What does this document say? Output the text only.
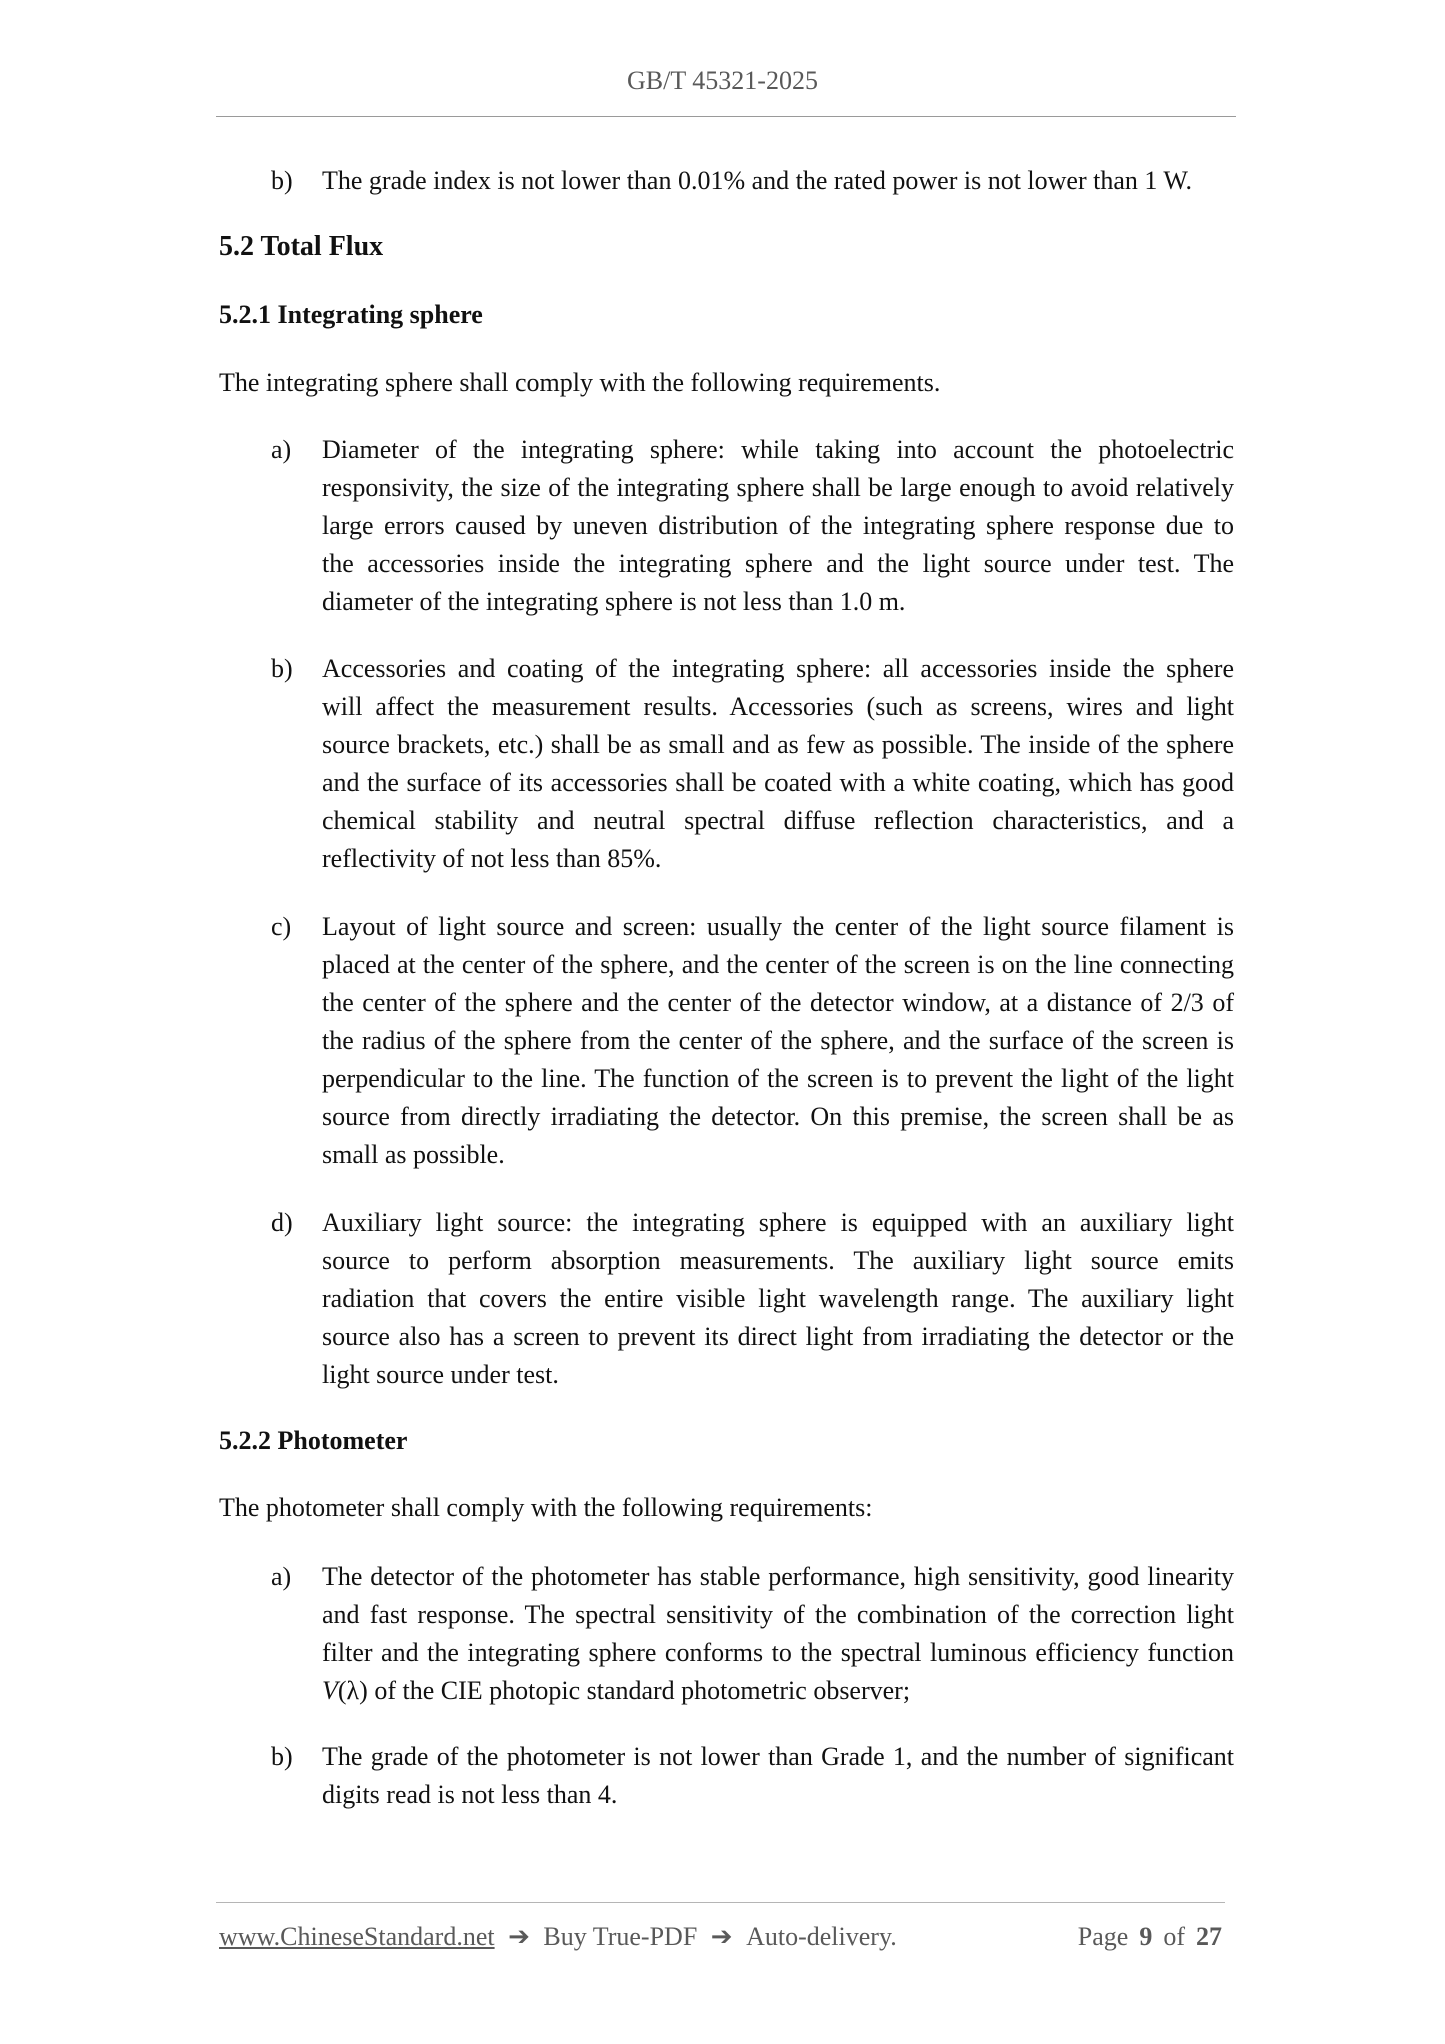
GB/T 45321-2025
b) The grade index is not lower than 0.01% and the rated power is not lower than 1 W.
5.2 Total Flux
5.2.1 Integrating sphere
The integrating sphere shall comply with the following requirements.
a) Diameter of the integrating sphere: while taking into account the photoelectric
responsivity, the size of the integrating sphere shall be large enough to avoid relatively
large errors caused by uneven distribution of the integrating sphere response due to
the accessories inside the integrating sphere and the light source under test. The
diameter of the integrating sphere is not less than 1.0 m.
b) Accessories and coating of the integrating sphere: all accessories inside the sphere
will affect the measurement results. Accessories (such as screens, wires and light
source brackets, etc.) shall be as small and as few as possible. The inside of the sphere
and the surface of its accessories shall be coated with a white coating, which has good
chemical stability and neutral spectral diffuse reflection characteristics, and a
reflectivity of not less than 85%.
c) Layout of light source and screen: usually the center of the light source filament is
placed at the center of the sphere, and the center of the screen is on the line connecting
the center of the sphere and the center of the detector window, at a distance of 2/3 of
the radius of the sphere from the center of the sphere, and the surface of the screen is
perpendicular to the line. The function of the screen is to prevent the light of the light
source from directly irradiating the detector. On this premise, the screen shall be as
small as possible.
d) Auxiliary light source: the integrating sphere is equipped with an auxiliary light
source to perform absorption measurements. The auxiliary light source emits
radiation that covers the entire visible light wavelength range. The auxiliary light
source also has a screen to prevent its direct light from irradiating the detector or the
light source under test.
5.2.2 Photometer
The photometer shall comply with the following requirements:
a) The detector of the photometer has stable performance, high sensitivity, good linearity
and fast response. The spectral sensitivity of the combination of the correction light
filter and the integrating sphere conforms to the spectral luminous efficiency function
V(λ) of the CIE photopic standard photometric observer;
b) The grade of the photometer is not lower than Grade 1, and the number of significant
digits read is not less than 4.
www.ChineseStandard.net ➔ Buy True-PDF ➔ Auto-delivery.	Page 9 of 27
